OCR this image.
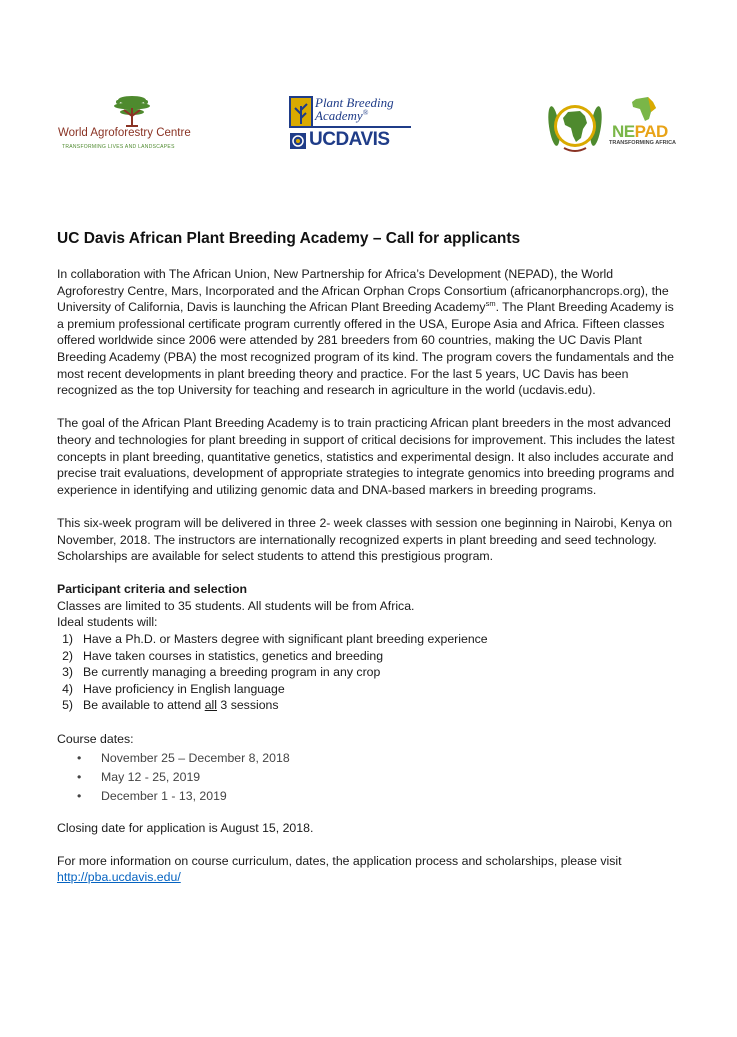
World Agroforestry Centre
TRANSFORMING LIVES AND LANDSCAPES
Plant Breeding
Academy®
UCDAVIS	NEPAD
TRANSFORMING AFRICA
UC Davis African Plant Breeding Academy – Call for applicants

In collaboration with The African Union, New Partnership for Africa’s Development (NEPAD), the World Agroforestry Centre, Mars, Incorporated and the African Orphan Crops Consortium (africanorphancrops.org), the University of California, Davis is launching the African Plant Breeding Academy$^{sm}$. The Plant Breeding Academy is a premium professional certificate program currently offered in the USA, Europe Asia and Africa. Fifteen classes offered worldwide since 2006 were attended by 281 breeders from 60 countries, making the UC Davis Plant Breeding Academy (PBA) the most recognized program of its kind. The program covers the fundamentals and the most recent developments in plant breeding theory and practice. For the last 5 years, UC Davis has been recognized as the top University for teaching and research in agriculture in the world (ucdavis.edu).

The goal of the African Plant Breeding Academy is to train practicing African plant breeders in the most advanced theory and technologies for plant breeding in support of critical decisions for improvement. This includes the latest concepts in plant breeding, quantitative genetics, statistics and experimental design. It also includes accurate and precise trait evaluations, development of appropriate strategies to integrate genomics into breeding programs and experience in identifying and utilizing genomic data and DNA-based markers in breeding programs.

This six-week program will be delivered in three 2- week classes with session one beginning in Nairobi, Kenya on November, 2018. The instructors are internationally recognized experts in plant breeding and seed technology. Scholarships are available for select students to attend this prestigious program.

Participant criteria and selection
Classes are limited to 35 students. All students will be from Africa.
Ideal students will:
1) Have a Ph.D. or Masters degree with significant plant breeding experience
2) Have taken courses in statistics, genetics and breeding
3) Be currently managing a breeding program in any crop
4) Have proficiency in English language
5) Be available to attend all 3 sessions
Course dates:
• November 25 – December 8, 2018
• May 12 - 25, 2019
• December 1 - 13, 2019

Closing date for application is August 15, 2018.

For more information on course curriculum, dates, the application process and scholarships, please visit
http://pba.ucdavis.edu/
